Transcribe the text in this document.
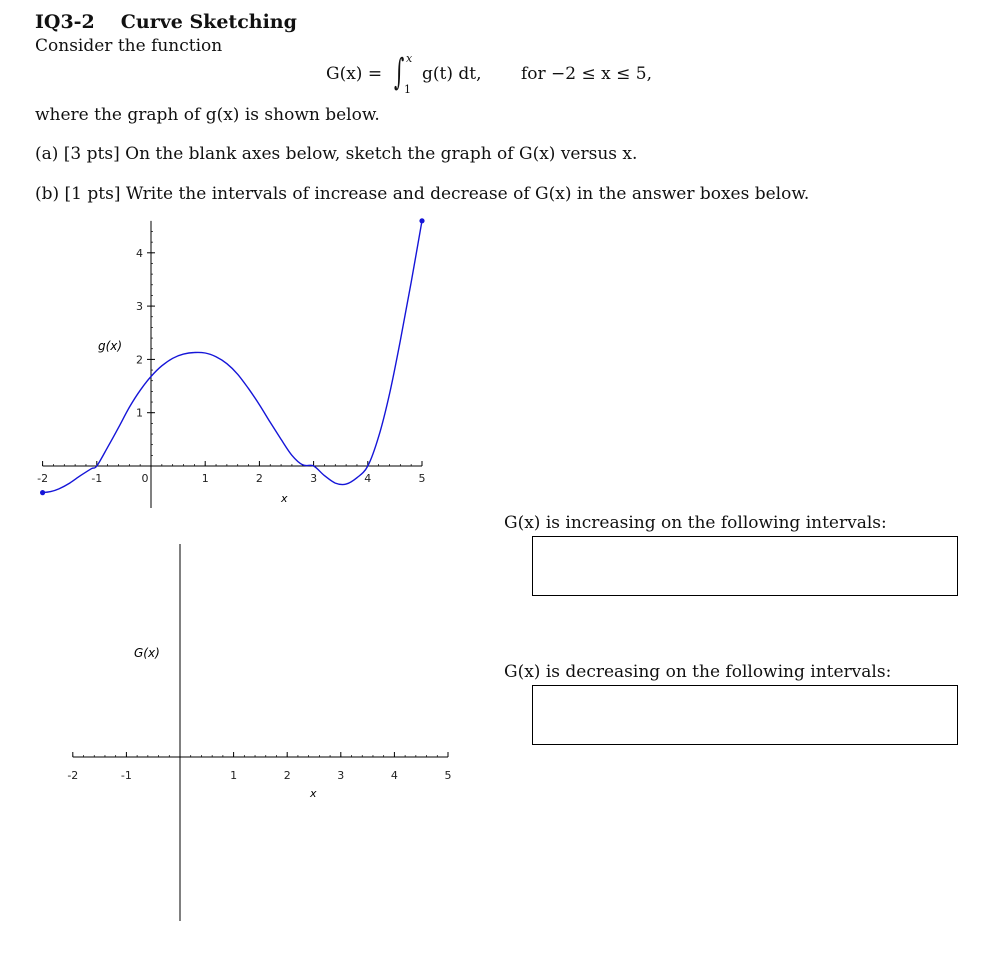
IQ3-2 Curve Sketching
Consider the function
G(x) = ∫ x
1
g(t) dt, for −2 ≤ x ≤ 5,
where the graph of g(x) is shown below.
(a) [3 pts] On the blank axes below, sketch the graph of G(x) versus x.
(b) [1 pts] Write the intervals of increase and decrease of G(x) in the answer boxes below.
-2	-1	0	1	2	3	4	5
1
2
3
4
g(x)
x
-2	-1	1	2	3	4	5
G(x)
x
G(x) is increasing on the following intervals:
G(x) is decreasing on the following intervals:
